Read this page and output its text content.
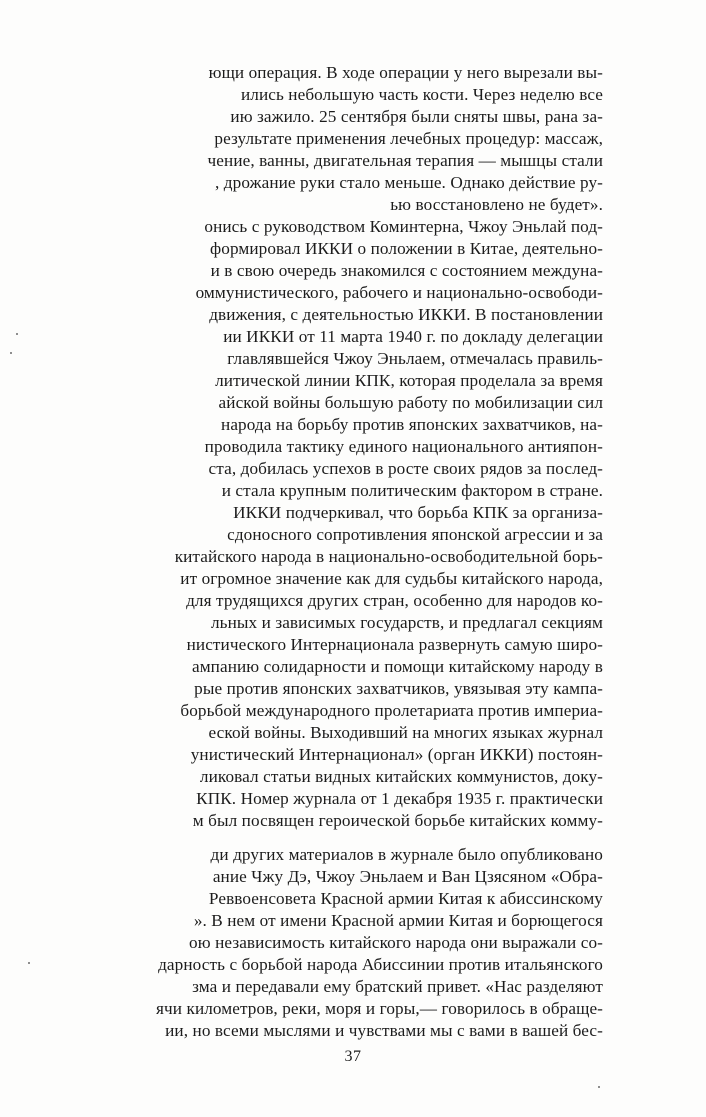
ющи операция. В ходе операции у него вырезали вы-
ились небольшую часть кости. Через неделю все
ию зажило. 25 сентября были сняты швы, рана за-
результате применения лечебных процедур: массаж,
чение, ванны, двигательная терапия — мышцы стали
, дрожание руки стало меньше. Однако действие ру-
ью восстановлено не будет».
онись с руководством Коминтерна, Чжоу Эньлай под-
формировал ИККИ о положении в Китае, деятельно-
и в свою очередь знакомился с состоянием междуна-
оммунистического, рабочего и национально-освободи-
движения, с деятельностью ИККИ. В постановлении
ии ИККИ от 11 марта 1940 г. по докладу делегации
главлявшейся Чжоу Эньлаем, отмечалась правиль-
литической линии КПК, которая проделала за время
айской войны большую работу по мобилизации сил
народа на борьбу против японских захватчиков, на-
проводила тактику единого национального антияпон-
ста, добилась успехов в росте своих рядов за послед-
и стала крупным политическим фактором в стране.
ИККИ подчеркивал, что борьба КПК за организа-
сдоносного сопротивления японской агрессии и за
китайского народа в национально-освободительной борь-
ит огромное значение как для судьбы китайского народа,
для трудящихся других стран, особенно для народов ко-
льных и зависимых государств, и предлагал секциям
нистического Интернационала развернуть самую широ-
ампанию солидарности и помощи китайскому народу в
рые против японских захватчиков, увязывая эту кампа-
борьбой международного пролетариата против империа-
еской войны. Выходивший на многих языках журнал
унистический Интернационал» (орган ИККИ) постоян-
ликовал статьи видных китайских коммунистов, доку-
КПК. Номер журнала от 1 декабря 1935 г. практически
м был посвящен героической борьбе китайских комму-
ди других материалов в журнале было опубликовано
ание Чжу Дэ, Чжоу Эньлаем и Ван Цзясяном «Обра-
Реввоенсовета Красной армии Китая к абиссинскому
». В нем от имени Красной армии Китая и борющегося
ою независимость китайского народа они выражали со-
дарность с борьбой народа Абиссинии против итальянского
зма и передавали ему братский привет. «Нас разделяют
ячи километров, реки, моря и горы,— говорилось в обраще-
ии, но всеми мыслями и чувствами мы с вами в вашей бес-
37
